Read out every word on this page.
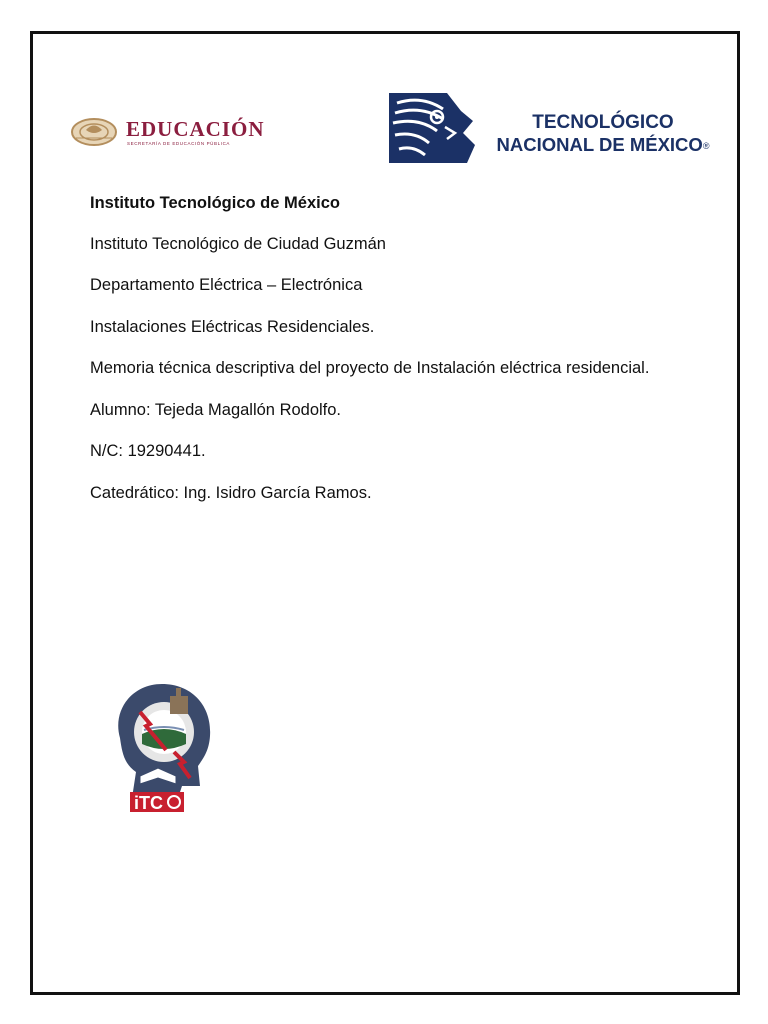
EDUCACIÓN
SECRETARÍA DE EDUCACIÓN PÚBLICA
TECNOLÓGICO
NACIONAL DE MÉXICO®

Instituto Tecnológico de México

Instituto Tecnológico de Ciudad Guzmán

Departamento Eléctrica – Electrónica

Instalaciones Eléctricas Residenciales.

Memoria técnica descriptiva del proyecto de Instalación eléctrica residencial.

Alumno: Tejeda Magallón Rodolfo.

N/C: 19290441.

Catedrático: Ing. Isidro García Ramos.

iTC
